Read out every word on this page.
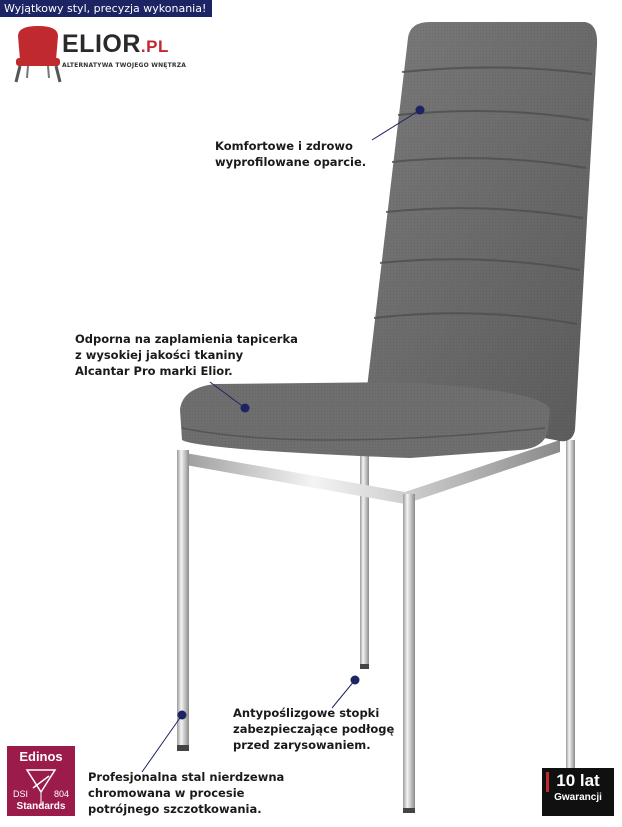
Wyjątkowy styl, precyzja wykonania!
ELIOR.PL
ALTERNATYWA TWOJEGO WNĘTRZA
Komfortowe i zdrowo
wyprofilowane oparcie.
Odporna na zaplamienia tapicerka
z wysokiej jakości tkaniny
Alcantar Pro marki Elior.
Antypoślizgowe stopki
zabezpieczające podłogę
przed zarysowaniem.
Profesjonalna stal nierdzewna
chromowana w procesie
potrójnego szczotkowania.
Edinos
DSI	804
Standards
10 lat
Gwarancji
